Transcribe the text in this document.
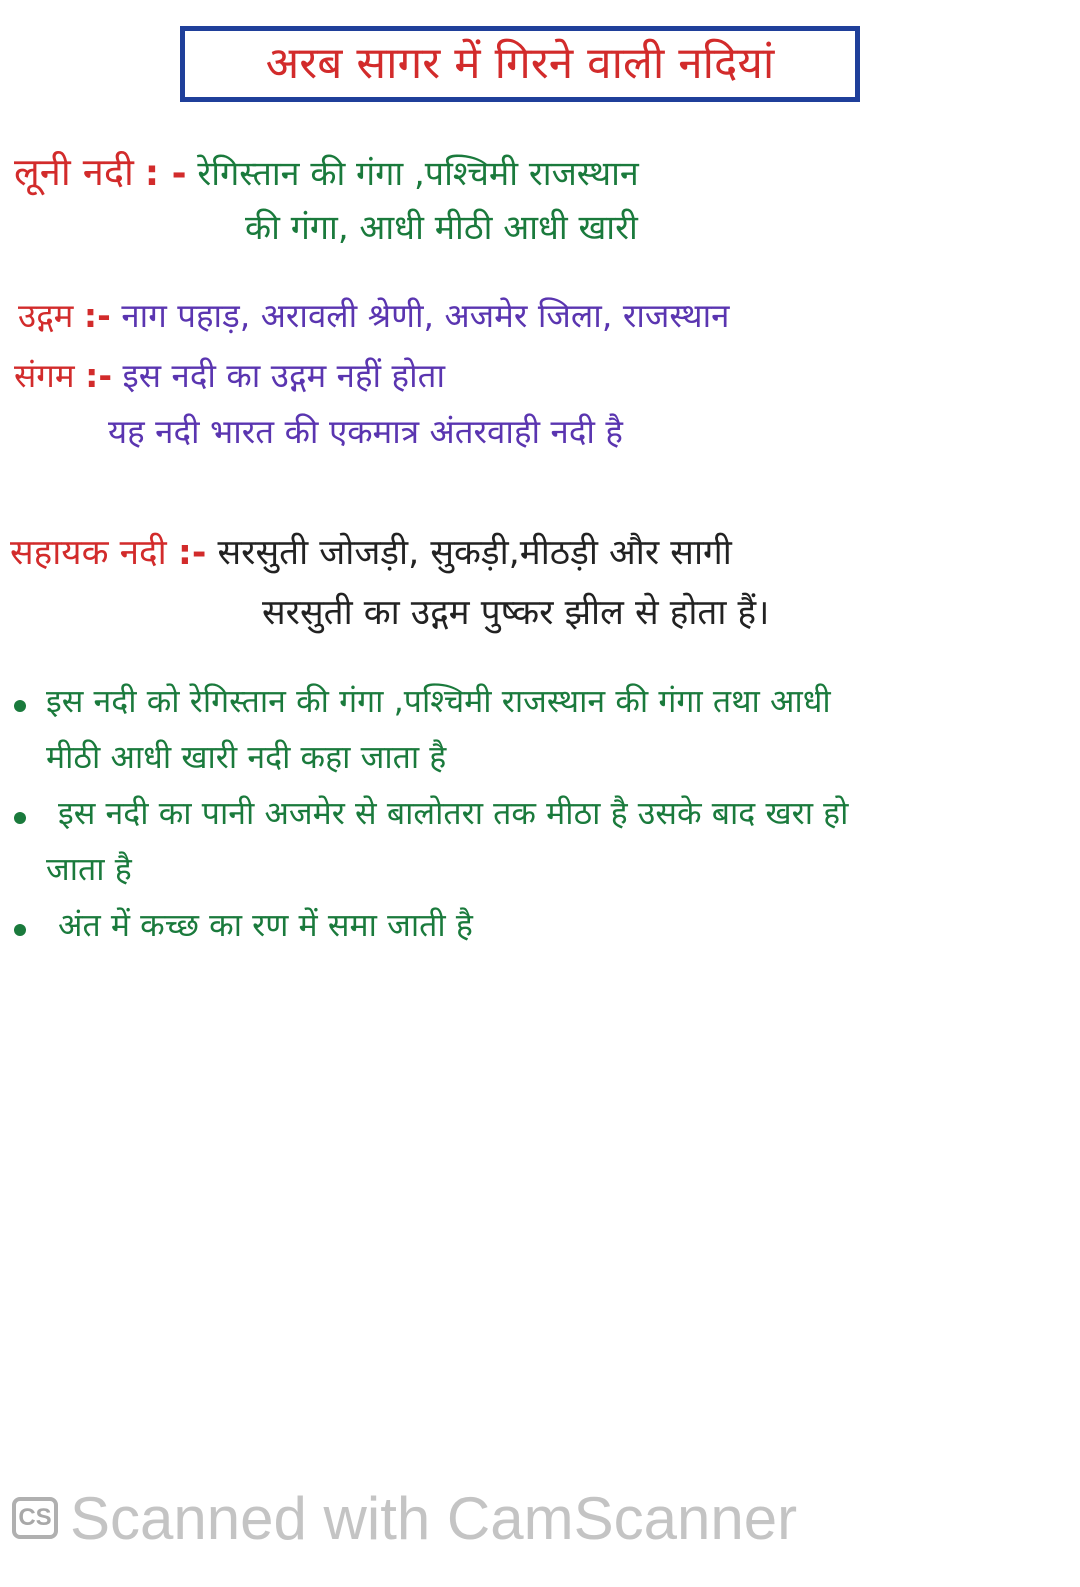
अरब सागर में गिरने वाली नदियां
लूनी नदी : - रेगिस्तान की गंगा ,पश्चिमी राजस्थान
की गंगा, आधी मीठी आधी खारी
उद्गम :- नाग पहाड़, अरावली श्रेणी, अजमेर जिला, राजस्थान
संगम :- इस नदी का उद्गम नहीं होता
यह नदी भारत की एकमात्र अंतरवाही नदी है
सहायक नदी :- सरसुती जोजड़ी, सुकड़ी,मीठड़ी और सागी
सरसुती का उद्गम पुष्कर झील से होता हैं।
इस नदी को रेगिस्तान की गंगा ,पश्चिमी राजस्थान की गंगा तथा आधी
मीठी आधी खारी नदी कहा जाता है
इस नदी का पानी अजमेर से बालोतरा तक मीठा है उसके बाद खरा हो
जाता है
अंत में कच्छ का रण में समा जाती है
CS Scanned with CamScanner
